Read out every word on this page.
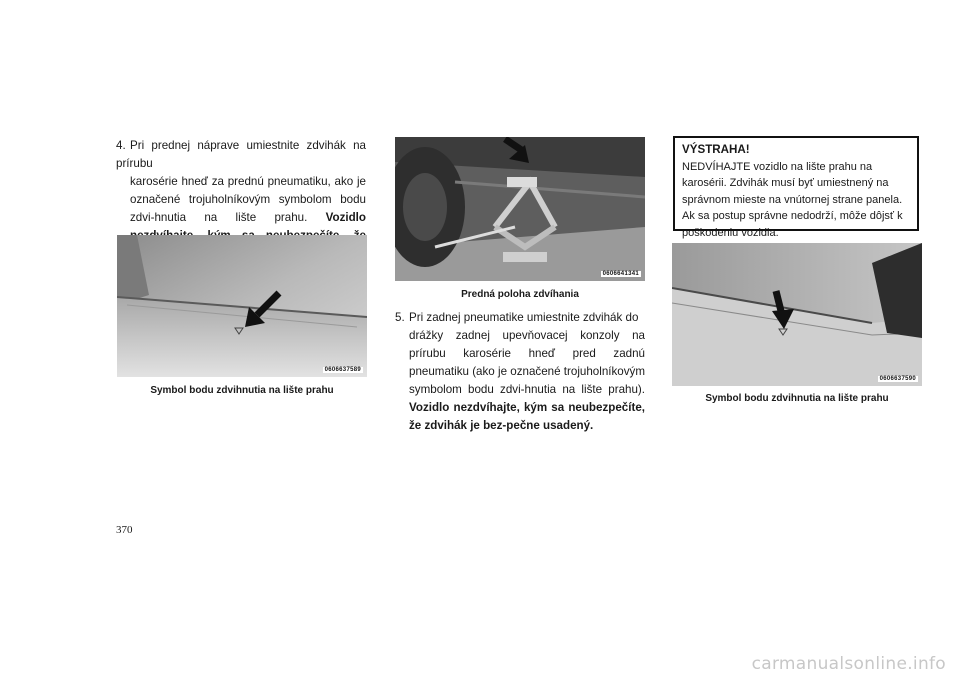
4. Pri prednej náprave umiestnite zdvihák na prírubu
karosérie hneď za prednú pneumatiku, ako je označené trojuholníkovým symbolom bodu zdvi-hnutia na lište prahu. Vozidlo

0606637589
Symbol bodu zdvihnutia na lište prahu
0606641341
Predná poloha zdvíhania

5. Pri zadnej pneumatike umiestnite zdvihák do
drážky zadnej upevňovacej konzoly na prírubu karosérie hneď pred zadnú pneumatiku (ako je označené trojuholníkovým symbolom bodu zdvi-hnutia na lište prahu). Vozidlo nezdvíhajte, kým sa neubezpečíte, že zdvihák je bez-pečne usadený.

VÝSTRAHA!
NEDVÍHAJTE vozidlo na lište prahu na karosérii. Zdvihák musí byť umiestnený na správnom mieste na vnútornej strane panela. Ak sa postup správne nedodrží, môže dôjsť k poškodeniu vozidla.
0606637590
Symbol bodu zdvihnutia na lište prahu
370
carmanualsonline.info
